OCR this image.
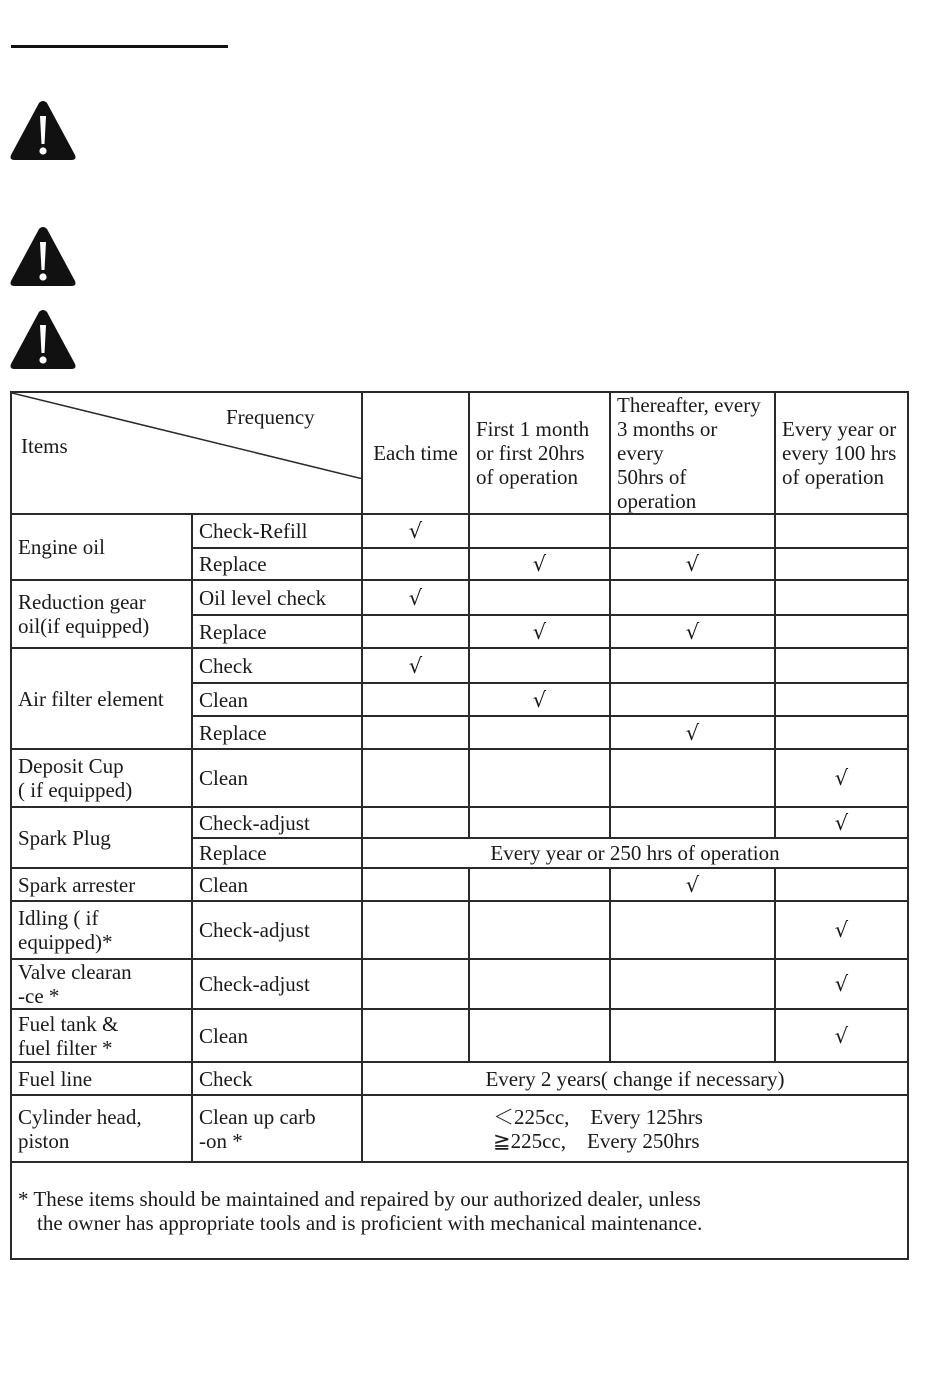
Frequency
Items		Each time	First 1 month
or first 20hrs
of operation	Thereafter, every
3 months or every
50hrs of operation	Every year or
every 100 hrs
of operation
Engine oil	Check-Refill	√			
	Replace		√	√	
Reduction gear
oil(if equipped)	Oil level check	√			
	Replace		√	√	
Air filter element	Check	√			
	Clean		√		
	Replace			√	
Deposit Cup
( if equipped)	Clean				√
Spark Plug	Check-adjust				√
	Replace	Every year or 250 hrs of operation			
Spark arrester	Clean			√	
Idling ( if
equipped)*	Check-adjust				√
Valve clearan
-ce *	Check-adjust				√
Fuel tank &
fuel filter *	Clean				√
Fuel line	Check	Every 2 years( change if necessary)			
Cylinder head,
piston	Clean up carb
-on *	＜225cc,    Every 125hrs
≧225cc,    Every 250hrs			

* These items should be maintained and repaired by our authorized dealer, unless
the owner has appropriate tools and is proficient with mechanical maintenance.					
